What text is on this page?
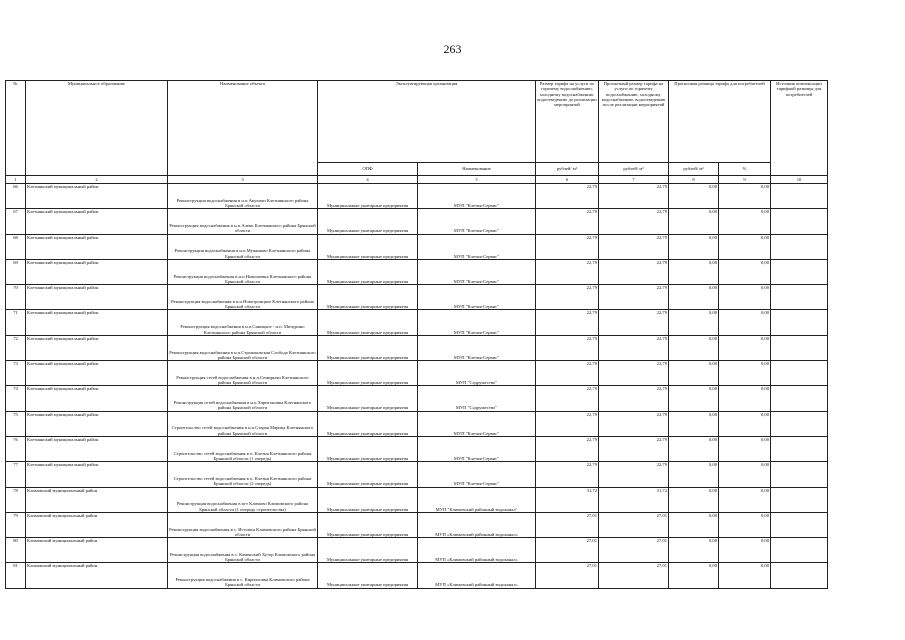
263
№	Муниципальное образование	Наименование объекта	Эксплуатирующая организация		Размер тарифа на услуги по горячему водоснабжению, холодному водоснабжению, водоотведению до реализации мероприятий	Прогнозный размер тарифа на услуги по горячему водоснабжению, холодному водоснабжению, водоотведению после реализации мероприятий	Прогнозная разница тарифа для потребителей		Источник компенсации тарифной разницы для потребителей
			ОПФ	Наименование	рублей/ м³	рублей/ м³	рублей/ м³	%	
1	2	3	4	5	6	7	8	9	10
66	Клетнянский муниципальный район	Реконструкция водоснабжения в н.п.Акуличи Клетнянского района Брянской области	Муниципальные унитарные предприятия	МУП "Клетня-Сервис"	22,79	22,79	0,00	0,00	
67	Клетнянский муниципальный район	Реконструкция водоснабжения в н.п.Алень Клетнянского района Брянской области	Муниципальные унитарные предприятия	МУП "Клетня-Сервис"	22,79	22,79	0,00	0,00	
68	Клетнянский муниципальный район	Реконструкция водоснабжения в н.п.Мужиново Клетнянского района Брянской области	Муниципальные унитарные предприятия	МУП "Клетня-Сервис"	22,79	22,79	0,00	0,00	
69	Клетнянский муниципальный район	Реконструкция водоснабжения в н.п.Николаевка Клетнянского района Брянской области	Муниципальные унитарные предприятия	МУП "Клетня-Сервис"	22,79	22,79	0,00	0,00	
70	Клетнянский муниципальный район	Реконструкция водоснабжения в н.п.Новотроицкое Клетнянского района Брянской области	Муниципальные унитарные предприятия	МУП "Клетня-Сервис"	22,79	22,79	0,00	0,00	
71	Клетнянский муниципальный район	Реконструкция водоснабжения в н.п.Синицкое - н.п. Мичурино Клетнянского района Брянской области	Муниципальные унитарные предприятия	МУП "Клетня-Сервис"	22,79	22,79	0,00	0,00	
72	Клетнянский муниципальный район	Реконструкция водоснабжения в н.п.Стрококовская Слобода Клетнянского района Брянской области	Муниципальные унитарные предприятия	МУП "Клетня-Сервис"	22,79	22,79	0,00	0,00	
73	Клетнянский муниципальный район	Реконструкция сетей водоснабжения в н.п.Семирычи Клетнянского района Брянской области	Муниципальные унитарные предприятия	МУП "Содружество"	22,79	22,79	0,00	0,00	
74	Клетнянский муниципальный район	Реконструкция сетей водоснабжения в н.п.Харитоновка Клетнянского района Брянской области	Муниципальные унитарные предприятия	МУП "Содружество"	22,79	22,79	0,00	0,00	
75	Клетнянский муниципальный район	Строительство сетей водоснабжения в н.п.Старая Марица Клетнянского района Брянской области	Муниципальные унитарные предприятия	МУП "Клетня-Сервис"	22,79	22,79	0,00	0,00	
76	Клетнянский муниципальный район	Строительство сетей водоснабжения в п. Клетня Клетнянского района Брянской области (1 очередь)	Муниципальные унитарные предприятия	МУП "Клетня-Сервис"	22,79	22,79	0,00	0,00	
77	Клетнянский муниципальный район	Строительство сетей водоснабжения в п. Клетня Клетнянского района Брянской области (2 очередь)	Муниципальные унитарные предприятия	МУП "Клетня-Сервис"	22,79	22,79	0,00	0,00	
78	Климовский муниципальный район	Реконструкция водоснабжения в пгт Климово Климовского района Брянской области (1 очередь строительства)	Муниципальные унитарные предприятия	МУП "Климовский районный водоканал"	31,72	31,72	0,00	0,00	
79	Климовский муниципальный район	Реконструкция водоснабжения в с. Истопки Климовского района Брянской области	Муниципальные унитарные предприятия	МУП «Климовский районный водоканал»	27,01	27,01	0,00	0,00	
80	Климовский муниципальный район	Реконструкция водоснабжения в с. Каменский Хутор Климовского района Брянской области	Муниципальные унитарные предприятия	МУП «Климовский районный водоканал»	27,01	27,01	0,00	0,00	
81	Климовский муниципальный район	Реконструкция водоснабжения в с. Кирилловка Климовского района Брянской области	Муниципальные унитарные предприятия	МУП «Климовский районный водоканал»	27,01	27,01	0,00	0,00	
